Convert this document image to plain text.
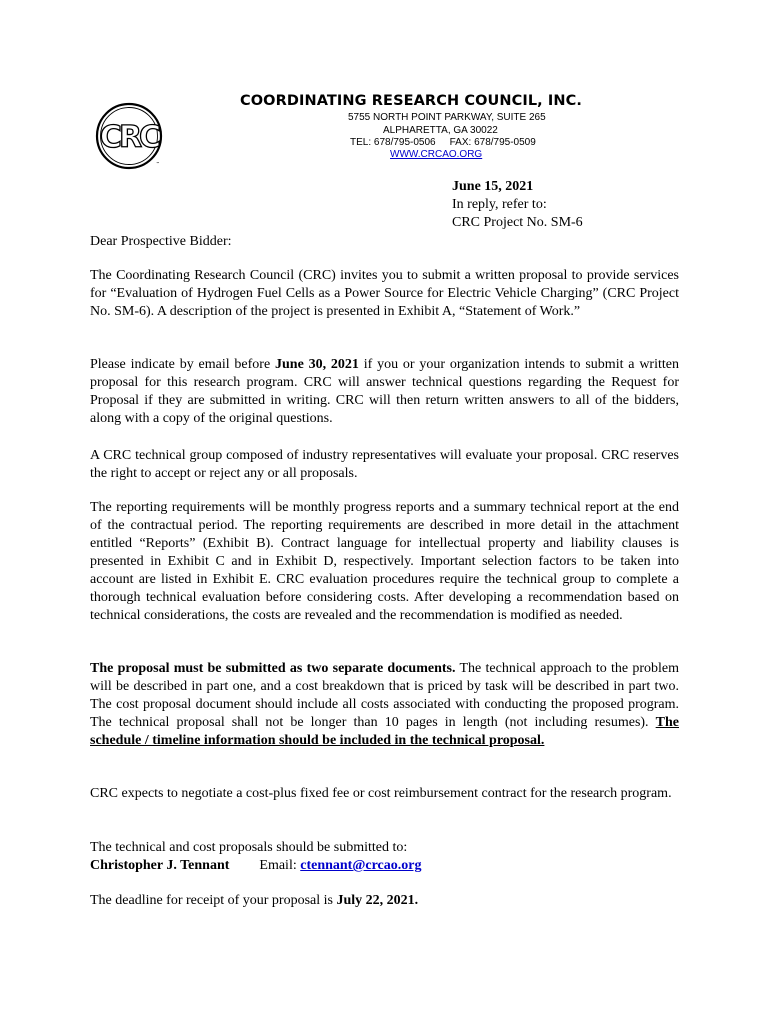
CRC
™
COORDINATING RESEARCH COUNCIL, INC.
5755 NORTH POINT PARKWAY, SUITE 265
ALPHARETTA, GA 30022
TEL: 678/795-0506 FAX: 678/795-0509
WWW.CRCAO.ORG
June 15, 2021
In reply, refer to:
CRC Project No. SM-6
Dear Prospective Bidder:

The Coordinating Research Council (CRC) invites you to submit a written proposal to provide services for “Evaluation of Hydrogen Fuel Cells as a Power Source for Electric Vehicle Charging” (CRC Project No. SM-6). A description of the project is presented in Exhibit A, “Statement of Work.”

Please indicate by email before June 30, 2021 if you or your organization intends to submit a written proposal for this research program. CRC will answer technical questions regarding the Request for Proposal if they are submitted in writing. CRC will then return written answers to all of the bidders, along with a copy of the original questions.

A CRC technical group composed of industry representatives will evaluate your proposal. CRC reserves the right to accept or reject any or all proposals.

The reporting requirements will be monthly progress reports and a summary technical report at the end of the contractual period. The reporting requirements are described in more detail in the attachment entitled “Reports” (Exhibit B). Contract language for intellectual property and liability clauses is presented in Exhibit C and in Exhibit D, respectively. Important selection factors to be taken into account are listed in Exhibit E. CRC evaluation procedures require the technical group to complete a thorough technical evaluation before considering costs. After developing a recommendation based on technical considerations, the costs are revealed and the recommendation is modified as needed.

The proposal must be submitted as two separate documents. The technical approach to the problem will be described in part one, and a cost breakdown that is priced by task will be described in part two. The cost proposal document should include all costs associated with conducting the proposed program. The technical proposal shall not be longer than 10 pages in length (not including resumes). The schedule / timeline information should be included in the technical proposal.

CRC expects to negotiate a cost-plus fixed fee or cost reimbursement contract for the research program.

The technical and cost proposals should be submitted to:
Christopher J. Tennant Email: ctennant@crcao.org

The deadline for receipt of your proposal is July 22, 2021.
